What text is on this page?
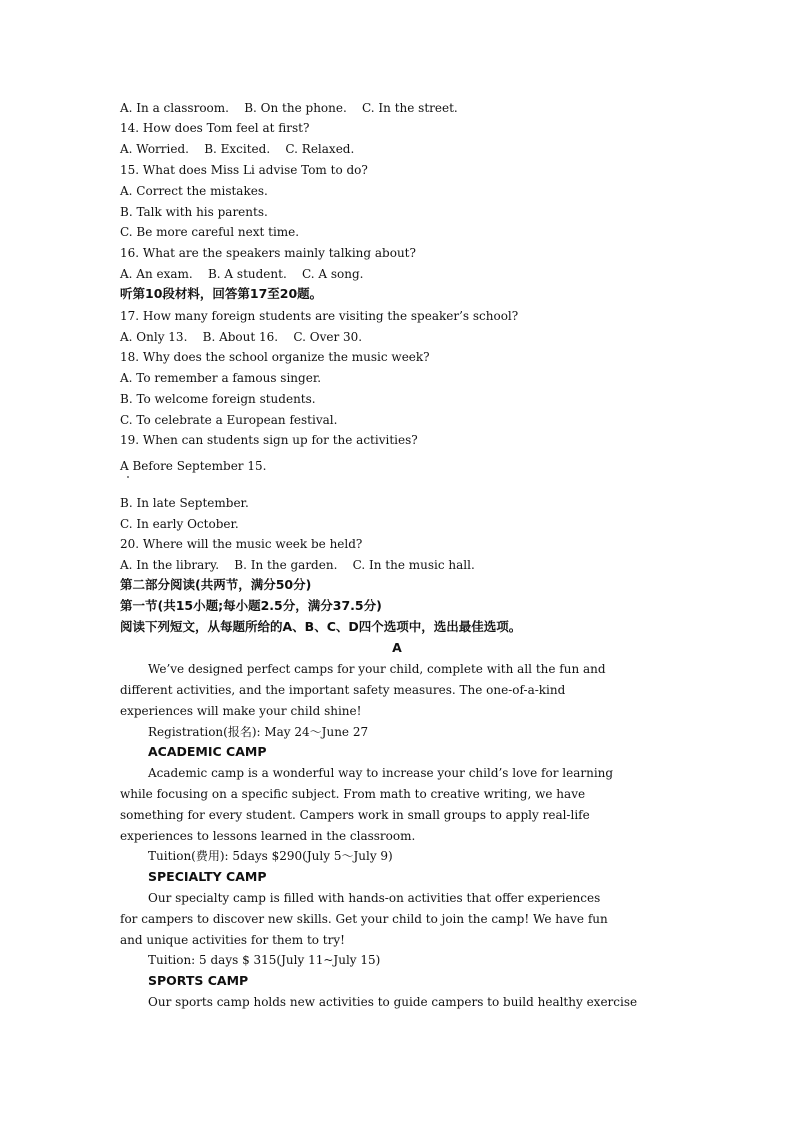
A. In a classroom.    B. On the phone.    C. In the street.
14. How does Tom feel at first?
A. Worried.    B. Excited.    C. Relaxed.
15. What does Miss Li advise Tom to do?
A. Correct the mistakes.
B. Talk with his parents.
C. Be more careful next time.
16. What are the speakers mainly talking about?
A. An exam.    B. A student.    C. A song.
听第10段材料，回答第17至20题。
17. How many foreign students are visiting the speaker’s school?
A. Only 13.    B. About 16.    C. Over 30.
18. Why does the school organize the music week?
A. To remember a famous singer.
B. To welcome foreign students.
C. To celebrate a European festival.
19. When can students sign up for the activities?
A Before September 15.
B. In late September.
C. In early October.
20. Where will the music week be held?
A. In the library.    B. In the garden.    C. In the music hall.
第二部分阅读(共两节，满分50分)
第一节(共15小题;每小题2.5分，满分37.5分)
阅读下列短文，从每题所给的A、B、C、D四个选项中，选出最佳选项。
A
We’ve designed perfect camps for your child, complete with all the fun and
different activities, and the important safety measures. The one-of-a-kind
experiences will make your child shine!
Registration(报名): May 24～June 27
ACADEMIC CAMP
Academic camp is a wonderful way to increase your child’s love for learning
while focusing on a specific subject. From math to creative writing, we have
something for every student. Campers work in small groups to apply real-life
experiences to lessons learned in the classroom.
Tuition(费用): 5days $290(July 5～July 9)
SPECIALTY CAMP
Our specialty camp is filled with hands-on activities that offer experiences
for campers to discover new skills. Get your child to join the camp! We have fun
and unique activities for them to try!
Tuition: 5 days $ 315(July 11~July 15)
SPORTS CAMP
Our sports camp holds new activities to guide campers to build healthy exercise
